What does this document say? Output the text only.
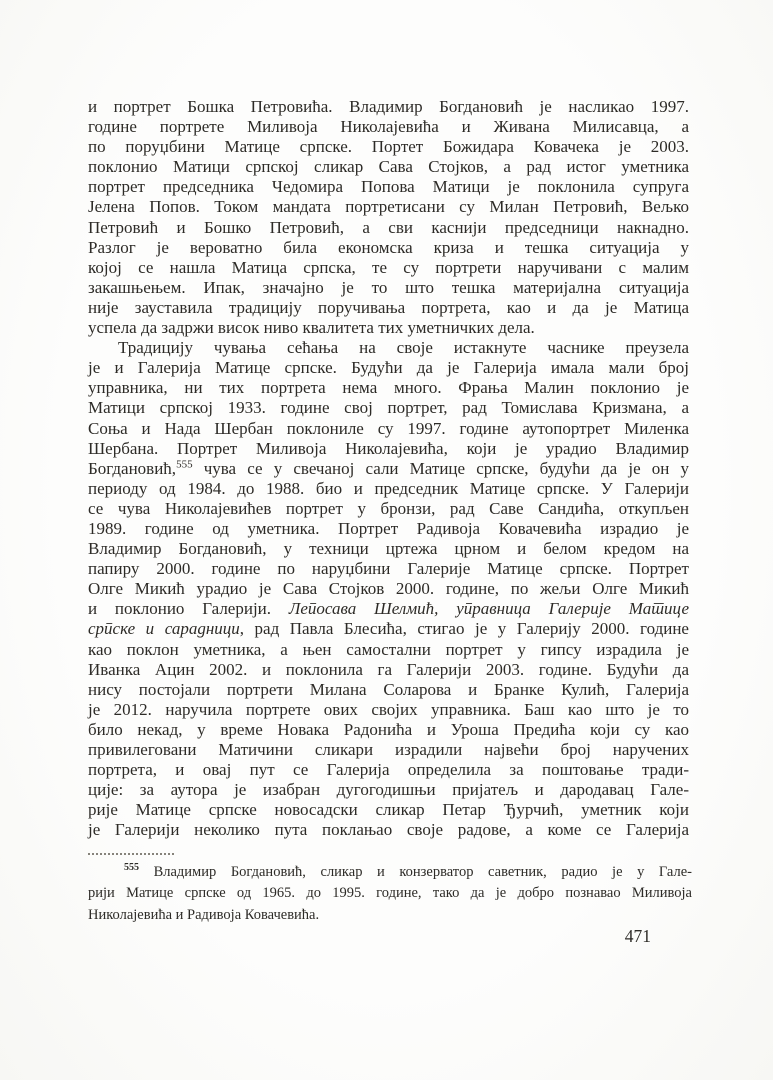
и портрет Бошка Петровића. Владимир Богдановић је насликао 1997.
године портрете Миливоја Николајевића и Живана Милисавца, а
по поруџбини Матице српске. Портет Божидара Ковачека је 2003.
поклонио Матици српској сликар Сава Стојков, а рад истог уметника
портрет председника Чедомира Попова Матици је поклонила супруга
Јелена Попов. Током мандата портретисани су Милан Петровић, Вељко
Петровић и Бошко Петровић, а сви каснији председници накнадно.
Разлог је вероватно била економска криза и тешка ситуација у
којој се нашла Матица српска, те су портрети наручивани с малим
закашњењем. Ипак, значајно је то што тешка материјална ситуација
није зауставила традицију поручивања портрета, као и да је Матица
успела да задржи висок ниво квалитета тих уметничких дела.
Традицију чувања сећања на своје истакнуте часнике преузела
је и Галерија Матице српске. Будући да је Галерија имала мали број
управника, ни тих портрета нема много. Фрања Малин поклонио је
Матици српској 1933. године свој портрет, рад Томислава Кризмана, а
Соња и Нада Шербан поклониле су 1997. године аутопортрет Миленка
Шербана. Портрет Миливоја Николајевића, који је урадио Владимир
Богдановић,$^{555}$ чува се у свечаној сали Матице српске, будући да је он у
периоду од 1984. до 1988. био и председник Матице српске. У Галерији
се чува Николајевићев портрет у бронзи, рад Саве Сандића, откупљен
1989. године од уметника. Портрет Радивоја Ковачевића израдио је
Владимир Богдановић, у техници цртежа црном и белом кредом на
папиру 2000. године по наруџбини Галерије Матице српске. Портрет
Олге Микић урадио је Сава Стојков 2000. године, по жељи Олге Микић
и поклонио Галерији. Лепосава Шелмић, управница Галерије Матице
српске и сарадници, рад Павла Блесића, стигао је у Галерију 2000. године
као поклон уметника, а њен самостални портрет у гипсу израдила је
Иванка Ацин 2002. и поклонила га Галерији 2003. године. Будући да
нису постојали портрети Милана Соларова и Бранке Кулић, Галерија
је 2012. наручила портрете ових својих управника. Баш као што је то
било некад, у време Новака Радонића и Уроша Предића који су као
привилеговани Матичини сликари израдили највећи број наручених
портрета, и овај пут се Галерија определила за поштовање тради-
ције: за аутора је изабран дугогодишњи пријатељ и дародавац Гале-
рије Матице српске новосадски сликар Петар Ђурчић, уметник који
је Галерији неколико пута поклањао своје радове, а коме се Галерија
$^{555}$ Владимир Богдановић, сликар и конзерватор саветник, радио је у Гале-
рији Матице српске од 1965. до 1995. године, тако да је добро познавао Миливоја
Николајевића и Радивоја Ковачевића.
471
